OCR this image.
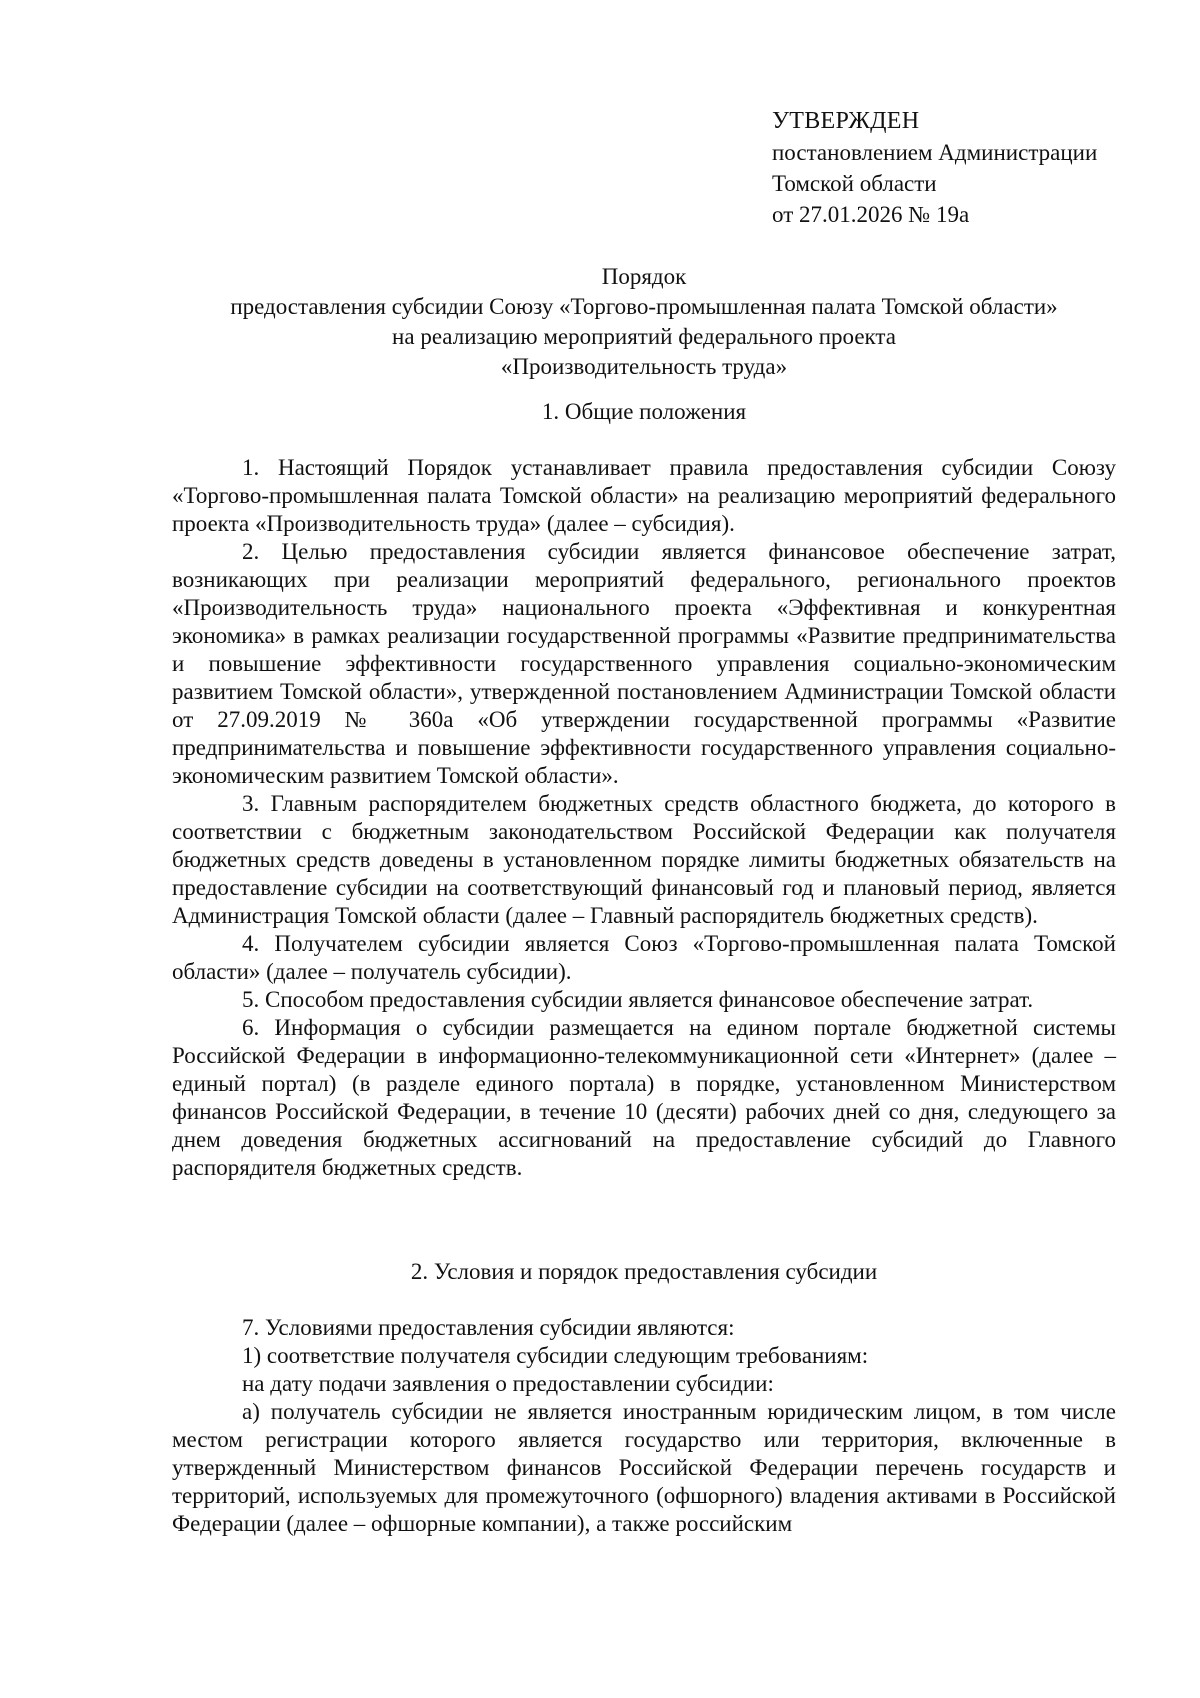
УТВЕРЖДЕН
постановлением Администрации
Томской области
от 27.01.2026 № 19а
Порядок
предоставления субсидии Союзу «Торгово-промышленная палата Томской области»
на реализацию мероприятий федерального проекта
«Производительность труда»
1. Общие положения

1. Настоящий Порядок устанавливает правила предоставления субсидии Союзу «Торгово-промышленная палата Томской области» на реализацию мероприятий федерального проекта «Производительность труда» (далее – субсидия).

2. Целью предоставления субсидии является финансовое обеспечение затрат, возникающих при реализации мероприятий федерального, регионального проектов «Производительность труда» национального проекта «Эффективная и конкурентная экономика» в рамках реализации государственной программы «Развитие предпринимательства и повышение эффективности государственного управления социально-экономическим развитием Томской области», утвержденной постановлением Администрации Томской области от 27.09.2019 № 360а «Об утверждении государственной программы «Развитие предпринимательства и повышение эффективности государственного управления социально-экономическим развитием Томской области».

3. Главным распорядителем бюджетных средств областного бюджета, до которого в соответствии с бюджетным законодательством Российской Федерации как получателя бюджетных средств доведены в установленном порядке лимиты бюджетных обязательств на предоставление субсидии на соответствующий финансовый год и плановый период, является Администрация Томской области (далее – Главный распорядитель бюджетных средств).

4. Получателем субсидии является Союз «Торгово-промышленная палата Томской области» (далее – получатель субсидии).

5. Способом предоставления субсидии является финансовое обеспечение затрат.

6. Информация о субсидии размещается на едином портале бюджетной системы Российской Федерации в информационно-телекоммуникационной сети «Интернет» (далее – единый портал) (в разделе единого портала) в порядке, установленном Министерством финансов Российской Федерации, в течение 10 (десяти) рабочих дней со дня, следующего за днем доведения бюджетных ассигнований на предоставление субсидий до Главного распорядителя бюджетных средств.

2. Условия и порядок предоставления субсидии

7. Условиями предоставления субсидии являются:

1) соответствие получателя субсидии следующим требованиям:

на дату подачи заявления о предоставлении субсидии:

а) получатель субсидии не является иностранным юридическим лицом, в том числе местом регистрации которого является государство или территория, включенные в утвержденный Министерством финансов Российской Федерации перечень государств и территорий, используемых для промежуточного (офшорного) владения активами в Российской Федерации (далее – офшорные компании), а также российским
